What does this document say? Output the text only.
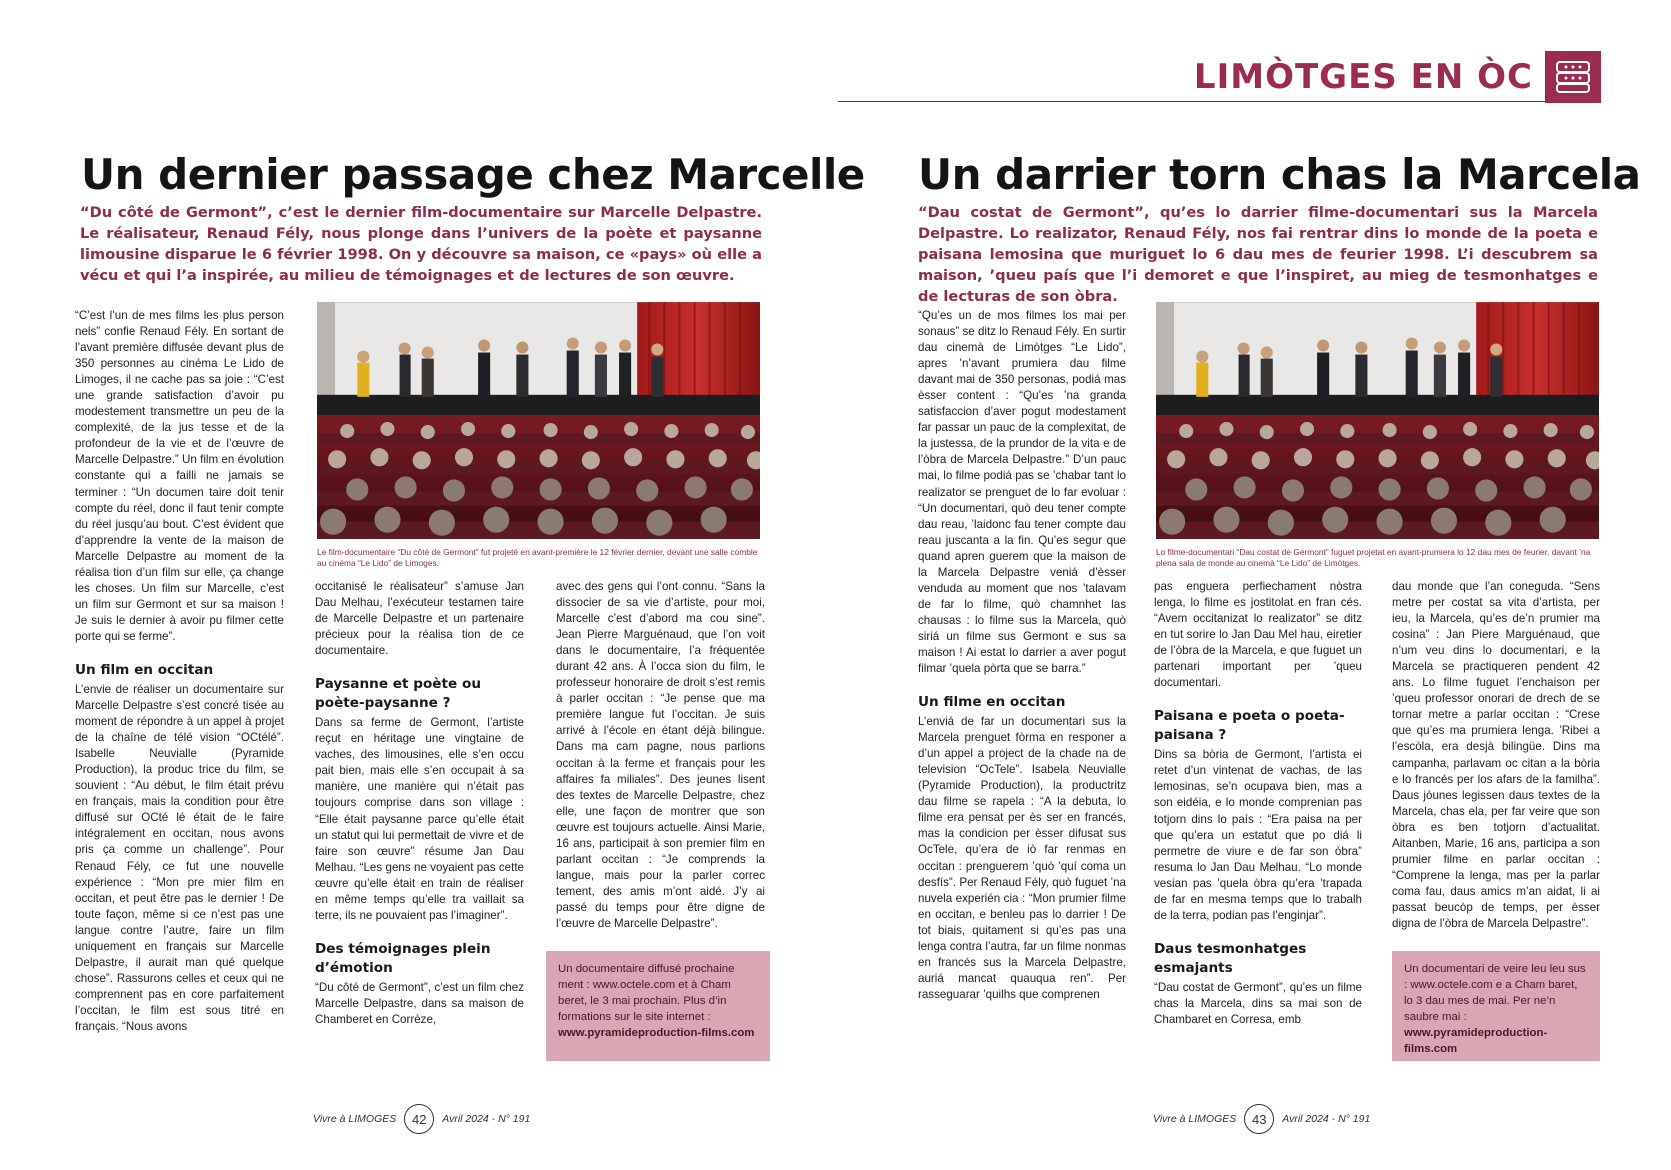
LIMÒTGES EN ÒC
Un dernier passage chez Marcelle
“Du côté de Germont”, c’est le dernier film-documentaire sur Marcelle Delpastre. Le réalisateur, Renaud Fély, nous plonge dans l’univers de la poète et paysanne limousine disparue le 6 février 1998. On y découvre sa maison, ce «pays» où elle a vécu et qui l’a inspirée, au milieu de témoignages et de lectures de son œuvre.

“C’est l’un de mes films les plus person nels” confie Renaud Fély. En sortant de l’avant première diffusée devant plus de 350 personnes au cinéma Le Lido de Limoges, il ne cache pas sa joie : “C’est une grande satisfaction d’avoir pu modestement transmettre un peu de la complexité, de la jus tesse et de la profondeur de la vie et de l’œuvre de Marcelle Delpastre.” Un film en évolution constante qui a failli ne jamais se terminer : “Un documen taire doit tenir compte du réel, donc il faut tenir compte du réel jusqu’au bout. C’est évident que d’apprendre la vente de la maison de Marcelle Delpastre au moment de la réalisa tion d’un film sur elle, ça change les choses. Un film sur Marcelle, c’est un film sur Germont et sur sa maison ! Je suis le dernier à avoir pu filmer cette porte qui se ferme”.

Un film en occitan

L’envie de réaliser un documentaire sur Marcelle Delpastre s’est concré tisée au moment de répondre à un appel à projet de la chaîne de télé vision “OCtélé”. Isabelle Neuvialle (Pyramide Production), la produc trice du film, se souvient : “Au début, le film était prévu en français, mais la condition pour être diffusé sur OCté lé était de le faire intégralement en occitan, nous avons pris ça comme un challenge”. Pour Renaud Fély, ce fut une nouvelle expérience : “Mon pre mier film en occitan, et peut être pas le dernier ! De toute façon, même si ce n’est pas une langue contre l’autre, faire un film uniquement en français sur Marcelle Delpastre, il aurait man qué quelque chose”. Rassurons celles et ceux qui ne comprennent pas en core parfaitement l’occitan, le film est sous titré en français. “Nous avons

Le film-documentaire “Du côté de Germont” fut projeté en avant-première le 12 février dernier, devant une salle comble au cinéma “Le Lido” de Limoges.

occitanisé le réalisateur” s’amuse Jan Dau Melhau, l’exécuteur testamen taire de Marcelle Delpastre et un partenaire précieux pour la réalisa tion de ce documentaire.

Paysanne et poète ou poète-paysanne ?

Dans sa ferme de Germont, l’artiste reçut en héritage une vingtaine de vaches, des limousines, elle s’en occu pait bien, mais elle s’en occupait à sa manière, une manière qui n’était pas toujours comprise dans son village : “Elle était paysanne parce qu’elle était un statut qui lui permettait de vivre et de faire son œuvre” résume Jan Dau Melhau. “Les gens ne voyaient pas cette œuvre qu’elle était en train de réaliser en même temps qu’elle tra vaillait sa terre, ils ne pouvaient pas l’imaginer”.

Des témoignages plein d’émotion

“Du côté de Germont”, c’est un film chez Marcelle Delpastre, dans sa maison de Chamberet en Corrèze,

avec des gens qui l’ont connu. “Sans la dissocier de sa vie d’artiste, pour moi, Marcelle c’est d’abord ma cou sine”. Jean Pierre Marguénaud, que l’on voit dans le documentaire, l’a fréquentée durant 42 ans. À l’occa sion du film, le professeur honoraire de droit s’est remis à parler occitan : “Je pense que ma première langue fut l’occitan. Je suis arrivé à l’école en étant déjà bilingue. Dans ma cam pagne, nous parlions occitan à la ferme et français pour les affaires fa miliales”. Des jeunes lisent des textes de Marcelle Delpastre, chez elle, une façon de montrer que son œuvre est toujours actuelle. Ainsi Marie, 16 ans, participait à son premier film en parlant occitan : “Je comprends la langue, mais pour la parler correc tement, des amis m’ont aidé. J’y ai passé du temps pour être digne de l’œuvre de Marcelle Delpastre”.

Un documentaire diffusé prochaine ment : www.octele.com et à Cham beret, le 3 mai prochain. Plus d’in formations sur le site internet : www.pyramideproduction-films.com
Vivre à LIMOGES	42	Avril 2024 - N° 191
Un darrier torn chas la Marcela
“Dau costat de Germont”, qu’es lo darrier filme-documentari sus la Marcela Delpastre. Lo realizator, Renaud Fély, nos fai rentrar dins lo monde de la poeta e paisana lemosina que muriguet lo 6 dau mes de feurier 1998. L’i descubrem sa maison, ’queu país que l’i demoret e que l’inspiret, au mieg de tesmonhatges e de lecturas de son òbra.

“Qu’es un de mos filmes los mai per sonaus” se ditz lo Renaud Fély. En surtir dau cinemà de Limòtges “Le Lido”, apres ’n’avant prumiera dau filme davant mai de 350 personas, podiá mas èsser content : “Qu’es ’na granda satisfaccion d’aver pogut modestament far passar un pauc de la complexitat, de la justessa, de la prundor de la vita e de l’òbra de Marcela Delpastre.” D’un pauc mai, lo filme podiá pas se ’chabar tant lo realizator se prenguet de lo far evoluar : “Un documentari, quò deu tener compte dau reau, ’laidonc fau tener compte dau reau juscanta a la fin. Qu’es segur que quand apren guerem que la maison de la Marcela Delpastre veniá d’èsser venduda au moment que nos ’talavam de far lo filme, quò chamnhet las chausas : lo filme sus la Marcela, quò siriá un filme sus Germont e sus sa maison ! Ai estat lo darrier a aver pogut filmar ’quela pòrta que se barra.”

Un filme en occitan

L’enviá de far un documentari sus la Marcela prenguet fòrma en responer a d’un appel a project de la chade na de television “OcTele”. Isabela Neuvialle (Pyramide Production), la productritz dau filme se rapela : “A la debuta, lo filme era pensat per ès ser en francés, mas la condicion per èsser difusat sus OcTele, qu’era de iò far renmas en occitan : prenguerem ’quò ’quí coma un desfís”. Per Renaud Fély, quò fuguet ’na nuvela experién cia : “Mon prumier filme en occitan, e benleu pas lo darrier ! De tot biais, quitament si qu’es pas una lenga contra l’autra, far un filme nonmas en francés sus la Marcela Delpastre, auriá mancat quauqua ren”. Per rasseguarar ’quilhs que comprenen

Lo filme-documentari “Dau costat de Germont” fuguet projetat en avant-prumiera lo 12 dau mes de feurier, davant ’na plena sala de monde au cinemà “Le Lido” de Limòtges.

pas enguera perfiechament nòstra lenga, lo filme es jostitolat en fran cés. “Avem occitanizat lo realizator” se ditz en tut sorire lo Jan Dau Mel hau, eiretier de l’òbra de la Marcela, e que fuguet un partenari important per ’queu documentari.

Paisana e poeta o poeta-paisana ?

Dins sa bòria de Germont, l’artista ei retet d’un vintenat de vachas, de las lemosinas, se’n ocupava bien, mas a son eidéia, e lo monde comprenian pas totjorn dins lo país : “Era paisa na per que qu’era un estatut que po diá li permetre de viure e de far son òbra” resuma lo Jan Dau Melhau. “Lo monde vesian pas ’quela òbra qu’era ’trapada de far en mesma temps que lo trabalh de la terra, podian pas l’enginjar”.

Daus tesmonhatges esmajants

“Dau costat de Germont”, qu’es un filme chas la Marcela, dins sa mai son de Chambaret en Corresa, emb

dau monde que l’an coneguda. “Sens metre per costat sa vita d’artista, per ieu, la Marcela, qu’es de’n prumier ma cosina” : Jan Piere Marguénaud, que n’um veu dins lo documentari, e la Marcela se practiqueren pendent 42 ans. Lo filme fuguet l’enchaison per ’queu professor onorari de drech de se tornar metre a parlar occitan : “Crese que qu’es ma prumiera lenga. ’Ribei a l’escòla, era desjà bilingüe. Dins ma campanha, parlavam oc citan a la bòria e lo francés per los afars de la familha”. Daus jòunes legissen daus textes de la Marcela, chas ela, per far veire que son òbra es ben totjorn d’actualitat. Aitanben, Marie, 16 ans, participa a son prumier filme en parlar occitan : “Comprene la lenga, mas per la parlar coma fau, daus amics m’an aidat, li ai passat beucòp de temps, per èsser digna de l’òbra de Marcela Delpastre”.

Un documentari de veire leu leu sus : www.octele.com e a Cham baret, lo 3 dau mes de mai. Per ne’n saubre mai : www.pyramideproduction-films.com
Vivre à LIMOGES	43	Avril 2024 - N° 191
